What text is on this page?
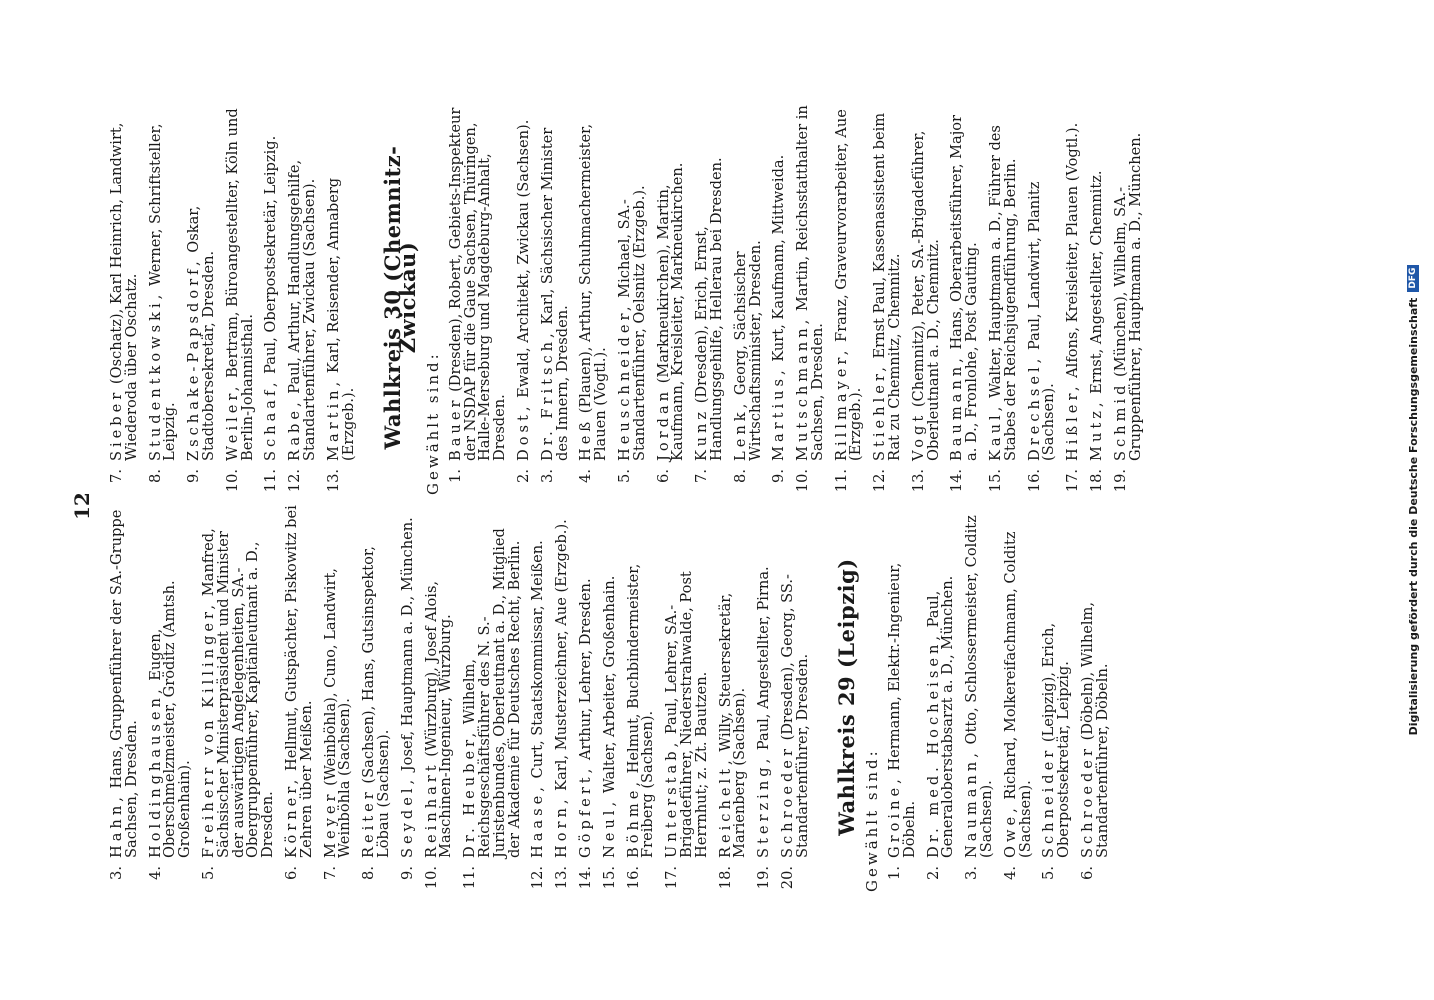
12
3.
Hahn, Hans, Gruppenführer der SA.-Gruppe Sachsen, Dresden.
4.
Holdinghausen, Eugen, Oberschmelzmeister, Gröditz (Amtsh. Großenhain).
5.
Freiherr von Killinger, Manfred, Sächsischer Ministerpräsident und Minister der auswärtigen Angelegenheiten, SA.-Obergruppenführer, Kapitänleutnant a. D., Dresden.
6.
Körner, Hellmut, Gutspächter, Piskowitz bei Zehren über Meißen.
7.
Meyer (Weinböhla), Cuno, Landwirt, Weinböhla (Sachsen).
8.
Reiter (Sachsen), Hans, Gutsinspektor, Löbau (Sachsen).
9.
Seydel, Josef, Hauptmann a. D., München.
10.
Reinhart (Würzburg), Josef Alois, Maschinen-Ingenieur, Würzburg.
11.
Dr. Heuber, Wilhelm, Reichsgeschäftsführer des N. S.-Juristenbundes, Oberleutnant a. D., Mitglied der Akademie für Deutsches Recht, Berlin.
12.
Haase, Curt, Staatskommissar, Meißen.
13.
Horn, Karl, Musterzeichner, Aue (Erzgeb.).
14.
Göpfert, Arthur, Lehrer, Dresden.
15.
Neul, Walter, Arbeiter, Großenhain.
16.
Böhme, Helmut, Buchbindermeister, Freiberg (Sachsen).
17.
Unterstab, Paul, Lehrer, SA.-Brigadeführer, Niederstrahwalde, Post Herrnhut; z. Zt. Bautzen.
18.
Reichelt, Willy, Steuersekretär, Marienberg (Sachsen).
19.
Sterzing, Paul, Angestellter, Pirna.
20.
Schroeder (Dresden), Georg, SS.-Standartenführer, Dresden. Wahlkreis 29 (Leipzig) Gewählt sind: 1.
Groine, Hermann, Elektr.-Ingenieur, Döbeln.
2.
Dr. med. Hocheisen, Paul, Generaloberstabsarzt a. D., München.
3.
Naumann, Otto, Schlossermeister, Colditz (Sachsen).
4.
Owe, Richard, Molkereifachmann, Colditz (Sachsen).
5.
Schneider (Leipzig), Erich, Oberpostsekretär, Leipzig.
6.
Schroeder (Döbeln), Wilhelm, Standartenführer, Döbeln.
7.
Sieber (Oschatz), Karl Heinrich, Landwirt, Wiederoda über Oschatz.
8.
Studentkowski, Werner, Schriftsteller, Leipzig.
9.
Zschake-Papsdorf, Oskar, Stadtobersekretär, Dresden.
10.
Weiler, Bertram, Büroangestellter, Köln und Berlin-Johannisthal.
11.
Schaaf, Paul, Oberpostsekretär, Leipzig.
12.
Rabe, Paul, Arthur, Handlungsgehilfe, Standartenführer, Zwickau (Sachsen).
13.
Martin, Karl, Reisender, Annaberg (Erzgeb.). Wahlkreis 30 (Chemnitz-Zwickau)
Gewählt sind: 1.
Bauer (Dresden), Robert, Gebiets-Inspekteur der NSDAP für die Gaue Sachsen, Thüringen, Halle-Merseburg und Magdeburg-Anhalt, Dresden.
2.
Dost, Ewald, Architekt, Zwickau (Sachsen).
3.
Dr. Fritsch, Karl, Sächsischer Minister des Innern, Dresden.
4.
Heß (Plauen), Arthur, Schuhmachermeister, Plauen (Vogtl.).
5.
Heuschneider, Michael, SA.-Standartenführer, Oelsnitz (Erzgeb.).
6.
Jordan (Markneukirchen), Martin, Kaufmann, Kreisleiter, Markneukirchen.
7.
Kunz (Dresden), Erich, Ernst, Handlungsgehilfe, Hellerau bei Dresden.
8.
Lenk, Georg, Sächsischer Wirtschaftsminister, Dresden.
9.
Martius, Kurt, Kaufmann, Mittweida.
10.
Mutschmann, Martin, Reichsstatthalter in Sachsen, Dresden.
11.
Rillmayer, Franz, Graveurvorarbeiter, Aue (Erzgeb.).
12.
Stiehler, Ernst Paul, Kassenassistent beim Rat zu Chemnitz, Chemnitz.
13.
Vogt (Chemnitz), Peter, SA.-Brigadeführer, Oberleutnant a. D., Chemnitz.
14.
Baumann, Hans, Oberarbeitsführer, Major a. D., Fronlohe, Post Gauting.
15.
Kaul, Walter, Hauptmann a. D., Führer des Stabes der Reichsjugendführung, Berlin.
16.
Drechsel, Paul, Landwirt, Planitz (Sachsen).
17.
Hißler, Alfons, Kreisleiter, Plauen (Vogtl.).
18.
Mutz, Ernst, Angestellter, Chemnitz.
19.
Schmid (München), Wilhelm, SA.-Gruppenführer, Hauptmann a. D., München.
Digitalisierung gefördert durch die Deutsche Forschungsgemeinschaft
DFG
